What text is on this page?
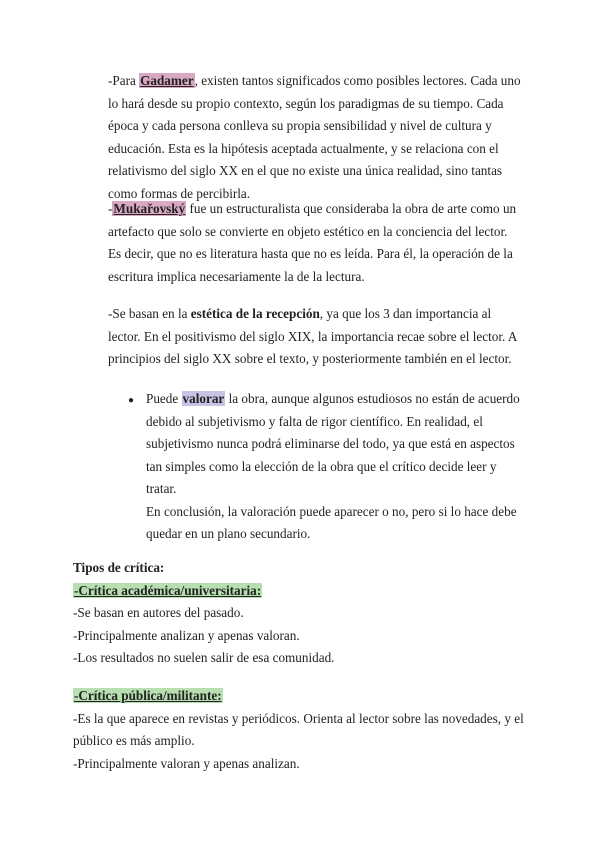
-Para Gadamer, existen tantos significados como posibles lectores. Cada uno
lo hará desde su propio contexto, según los paradigmas de su tiempo. Cada
época y cada persona conlleva su propia sensibilidad y nivel de cultura y
educación. Esta es la hipótesis aceptada actualmente, y se relaciona con el
relativismo del siglo XX en el que no existe una única realidad, sino tantas
como formas de percibirla.
-Mukařovský fue un estructuralista que consideraba la obra de arte como un
artefacto que solo se convierte en objeto estético en la conciencia del lector.
Es decir, que no es literatura hasta que no es leída. Para él, la operación de la
escritura implica necesariamente la de la lectura.
-Se basan en la estética de la recepción, ya que los 3 dan importancia al
lector. En el positivismo del siglo XIX, la importancia recae sobre el lector. A
principios del siglo XX sobre el texto, y posteriormente también en el lector.
● Puede valorar la obra, aunque algunos estudiosos no están de acuerdo
debido al subjetivismo y falta de rigor científico. En realidad, el
subjetivismo nunca podrá eliminarse del todo, ya que está en aspectos
tan simples como la elección de la obra que el crítico decide leer y
tratar.
En conclusión, la valoración puede aparecer o no, pero si lo hace debe
quedar en un plano secundario.
Tipos de crítica:
-Crítica académica/universitaria:
-Se basan en autores del pasado.
-Principalmente analizan y apenas valoran.
-Los resultados no suelen salir de esa comunidad.
-Crítica pública/militante:
-Es la que aparece en revistas y periódicos. Orienta al lector sobre las novedades, y el
público es más amplio.
-Principalmente valoran y apenas analizan.
